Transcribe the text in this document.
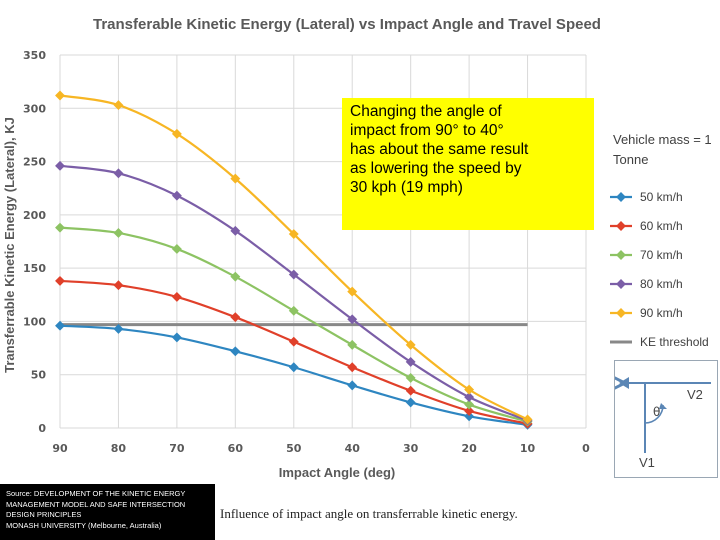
Transferable Kinetic Energy (Lateral) vs Impact Angle and Travel Speed
0
50
100
150
200
250
300
350
90	80	70	60	50	40	30	20	10	0
Impact Angle (deg)
Transferrable Kinetic Energy (Lateral), KJ	Vehicle mass = 1
Tonne
50 km/h
60 km/h
70 km/h
80 km/h
90 km/h
KE threshold
Changing the angle of
impact from 90° to 40°
has about the same result
as lowering the speed by
30 kph (19 mph)
Source: DEVELOPMENT OF THE KINETIC ENERGY
MANAGEMENT MODEL AND SAFE INTERSECTION
DESIGN PRINCIPLES
MONASH UNIVERSITY (Melbourne, Australia)
Influence of impact angle on transferrable kinetic energy.
θ
V2
V1
